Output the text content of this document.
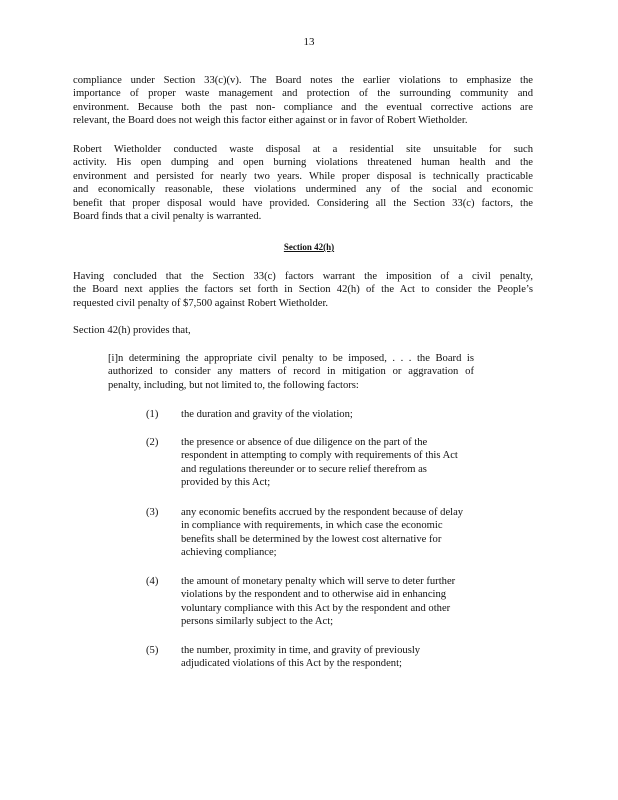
13

compliance under Section 33(c)(v). The Board notes the earlier violations to emphasize the
importance of proper waste management and protection of the surrounding community and
environment. Because both the past non- compliance and the eventual corrective actions are
relevant, the Board does not weigh this factor either against or in favor of Robert Wietholder.

Robert Wietholder conducted waste disposal at a residential site unsuitable for such
activity. His open dumping and open burning violations threatened human health and the
environment and persisted for nearly two years. While proper disposal is technically practicable
and economically reasonable, these violations undermined any of the social and economic
benefit that proper disposal would have provided. Considering all the Section 33(c) factors, the
Board finds that a civil penalty is warranted.

Section 42(h)

Having concluded that the Section 33(c) factors warrant the imposition of a civil penalty,
the Board next applies the factors set forth in Section 42(h) of the Act to consider the People’s
requested civil penalty of $7,500 against Robert Wietholder.

Section 42(h) provides that,

[i]n determining the appropriate civil penalty to be imposed, . . . the Board is
authorized to consider any matters of record in mitigation or aggravation of
penalty, including, but not limited to, the following factors:

(1)	the duration and gravity of the violation;
(2)	the presence or absence of due diligence on the part of the
respondent in attempting to comply with requirements of this Act
and regulations thereunder or to secure relief therefrom as
provided by this Act;
(3)	any economic benefits accrued by the respondent because of delay
in compliance with requirements, in which case the economic
benefits shall be determined by the lowest cost alternative for
achieving compliance;
(4)	the amount of monetary penalty which will serve to deter further
violations by the respondent and to otherwise aid in enhancing
voluntary compliance with this Act by the respondent and other
persons similarly subject to the Act;
(5)	the number, proximity in time, and gravity of previously
adjudicated violations of this Act by the respondent;
